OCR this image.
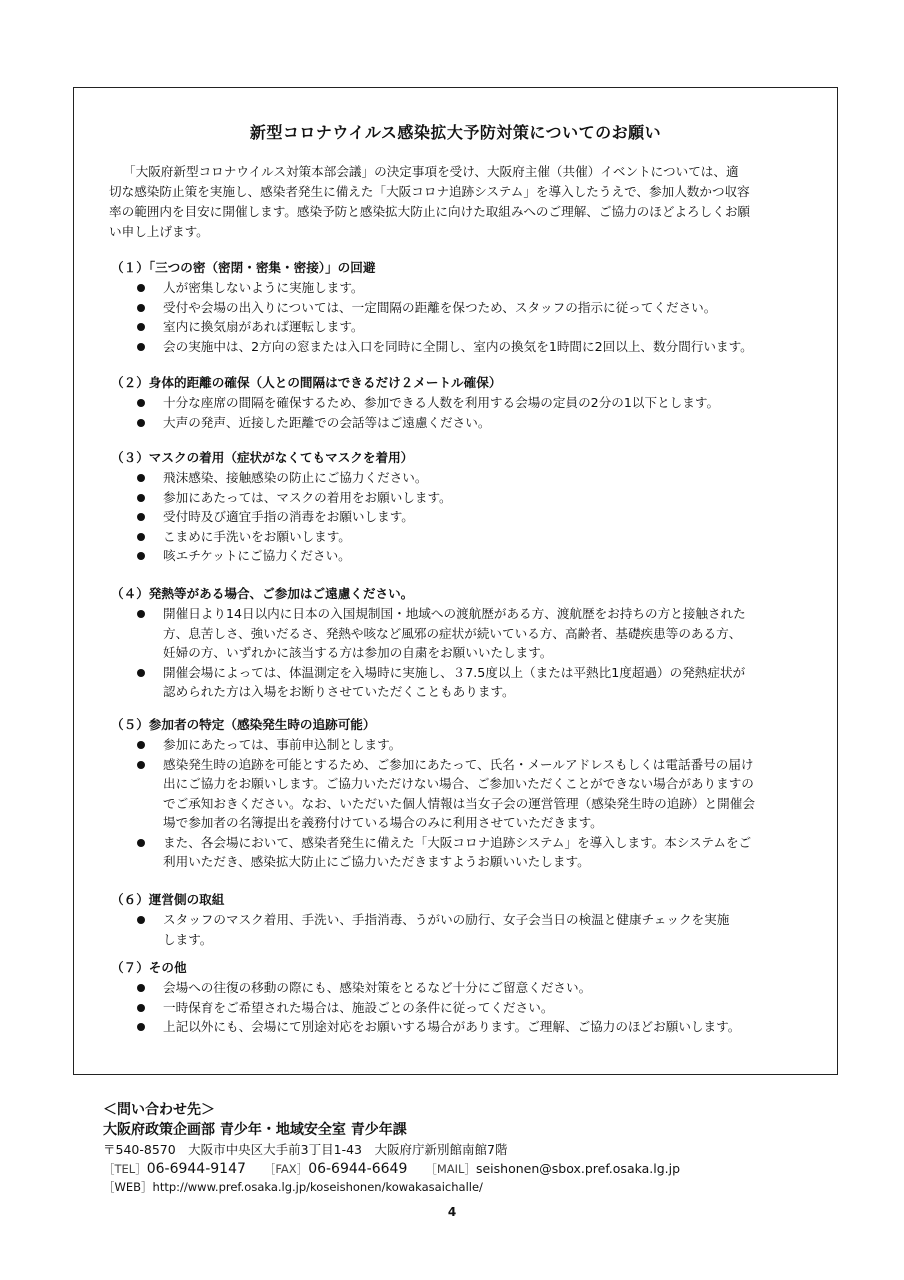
新型コロナウイルス感染拡大予防対策についてのお願い
「大阪府新型コロナウイルス対策本部会議」の決定事項を受け、大阪府主催（共催）イベントについては、適
切な感染防止策を実施し、感染者発生に備えた「大阪コロナ追跡システム」を導入したうえで、参加人数かつ収容
率の範囲内を目安に開催します。感染予防と感染拡大防止に向けた取組みへのご理解、ご協力のほどよろしくお願
い申し上げます。
（１）「三つの密（密閉・密集・密接）」の回避
人が密集しないように実施します。
受付や会場の出入りについては、一定間隔の距離を保つため、スタッフの指示に従ってください。
室内に換気扇があれば運転します。
会の実施中は、2方向の窓または入口を同時に全開し、室内の換気を1時間に2回以上、数分間行います。
（２）身体的距離の確保（人との間隔はできるだけ２メートル確保）
十分な座席の間隔を確保するため、参加できる人数を利用する会場の定員の2分の1以下とします。
大声の発声、近接した距離での会話等はご遠慮ください。
（３）マスクの着用（症状がなくてもマスクを着用）
飛沫感染、接触感染の防止にご協力ください。
参加にあたっては、マスクの着用をお願いします。
受付時及び適宜手指の消毒をお願いします。
こまめに手洗いをお願いします。
咳エチケットにご協力ください。
（４）発熱等がある場合、ご参加はご遠慮ください。
開催日より14日以内に日本の入国規制国・地域への渡航歴がある方、渡航歴をお持ちの方と接触された
方、息苦しさ、強いだるさ、発熱や咳など風邪の症状が続いている方、高齢者、基礎疾患等のある方、
妊婦の方、いずれかに該当する方は参加の自粛をお願いいたします。
開催会場によっては、体温測定を入場時に実施し、３7.5度以上（または平熱比1度超過）の発熱症状が
認められた方は入場をお断りさせていただくこともあります。
（５）参加者の特定（感染発生時の追跡可能）
参加にあたっては、事前申込制とします。
感染発生時の追跡を可能とするため、ご参加にあたって、氏名・メールアドレスもしくは電話番号の届け
出にご協力をお願いします。ご協力いただけない場合、ご参加いただくことができない場合がありますの
でご承知おきください。なお、いただいた個人情報は当女子会の運営管理（感染発生時の追跡）と開催会
場で参加者の名簿提出を義務付けている場合のみに利用させていただきます。
また、各会場において、感染者発生に備えた「大阪コロナ追跡システム」を導入します。本システムをご
利用いただき、感染拡大防止にご協力いただきますようお願いいたします。
（６）運営側の取組
スタッフのマスク着用、手洗い、手指消毒、うがいの励行、女子会当日の検温と健康チェックを実施
します。
（７）その他
会場への往復の移動の際にも、感染対策をとるなど十分にご留意ください。
一時保育をご希望された場合は、施設ごとの条件に従ってください。
上記以外にも、会場にて別途対応をお願いする場合があります。ご理解、ご協力のほどお願いします。
＜問い合わせ先＞
大阪府政策企画部 青少年・地域安全室 青少年課
〒540-8570　大阪市中央区大手前3丁目1-43　大阪府庁新別館南館7階
［TEL］06-6944-9147 ［FAX］06-6944-6649 ［MAIL］seishonen@sbox.pref.osaka.lg.jp
［WEB］http://www.pref.osaka.lg.jp/koseishonen/kowakasaichalle/
4
